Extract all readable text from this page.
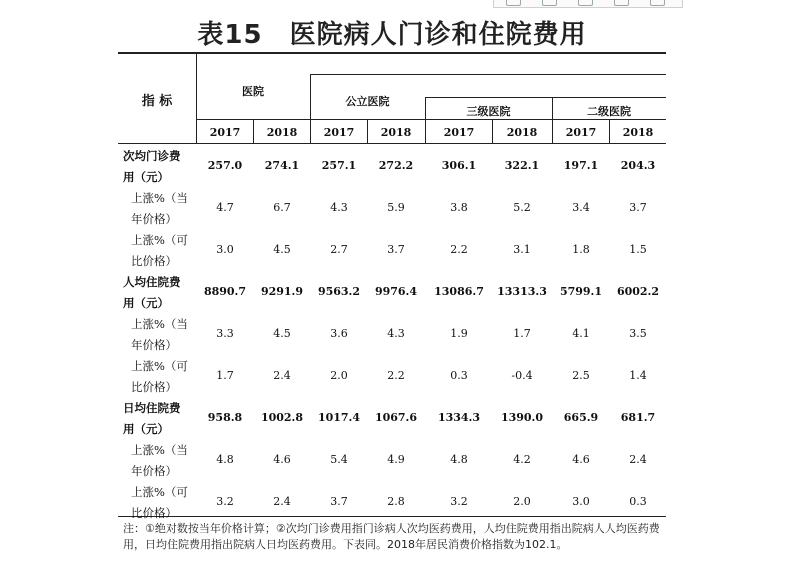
表15　医院病人门诊和住院费用
指 标
医院
公立医院
三级医院	二级医院
2017	2018	2017	2018	2017	2018	2017	2018
次均门诊费
用（元）
257.0	274.1	257.1	272.2	306.1	322.1	197.1	204.3
上涨%（当
年价格）
4.7	6.7	4.3	5.9	3.8	5.2	3.4	3.7
上涨%（可
比价格）
3.0	4.5	2.7	3.7	2.2	3.1	1.8	1.5
人均住院费
用（元）
8890.7	9291.9	9563.2	9976.4	13086.7	13313.3	5799.1	6002.2
上涨%（当
年价格）
3.3	4.5	3.6	4.3	1.9	1.7	4.1	3.5
上涨%（可
比价格）
1.7	2.4	2.0	2.2	0.3	-0.4	2.5	1.4
日均住院费
用（元）
958.8	1002.8	1017.4	1067.6	1334.3	1390.0	665.9	681.7
上涨%（当
年价格）
4.8	4.6	5.4	4.9	4.8	4.2	4.6	2.4
上涨%（可
比价格）
3.2	2.4	3.7	2.8	3.2	2.0	3.0	0.3
注：①绝对数按当年价格计算；②次均门诊费用指门诊病人次均医药费用，人均住院费用指出院病人人均医药费用，日均住院费用指出院病人日均医药费用。下表同。2018年居民消费价格指数为102.1。
